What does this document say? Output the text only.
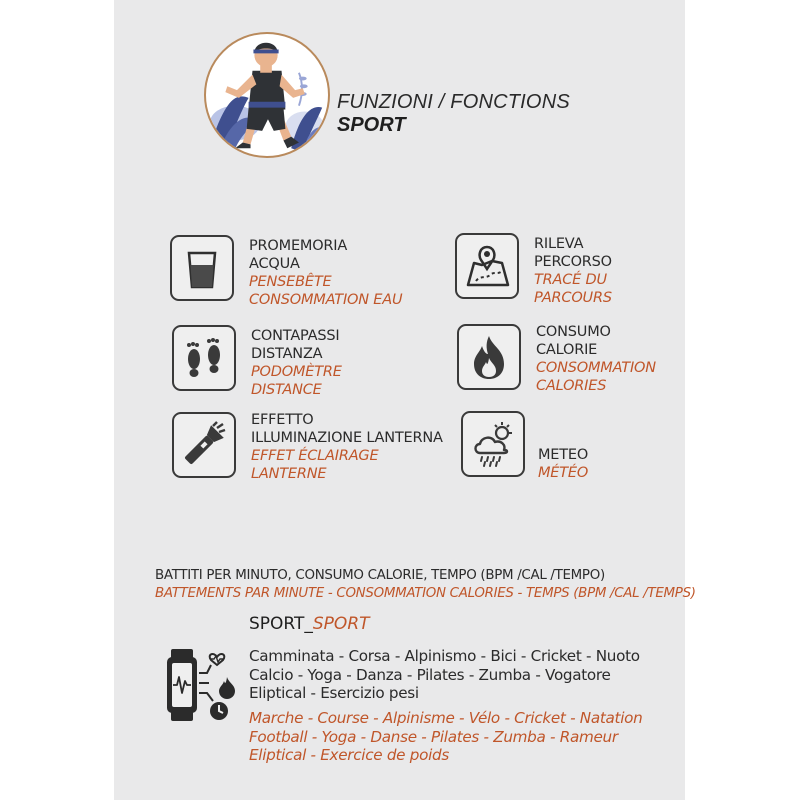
FUNZIONI / FONCTIONS
SPORT
PROMEMORIA
ACQUA
PENSEBÊTE
CONSOMMATION EAU
RILEVA
PERCORSO
TRACÉ DU
PARCOURS
CONTAPASSI
DISTANZA
PODOMÈTRE
DISTANCE
CONSUMO
CALORIE
CONSOMMATION
CALORIES
EFFETTO
ILLUMINAZIONE LANTERNA
EFFET ÉCLAIRAGE
LANTERNE
METEO
MÉTÉO
BATTITI PER MINUTO, CONSUMO CALORIE, TEMPO (BPM /CAL /TEMPO)
BATTEMENTS PAR MINUTE - CONSOMMATION CALORIES - TEMPS (BPM /CAL /TEMPS)
SPORT_SPORT
Camminata - Corsa - Alpinismo - Bici - Cricket - Nuoto
Calcio - Yoga - Danza - Pilates - Zumba - Vogatore
Eliptical - Esercizio pesi
Marche - Course - Alpinisme - Vélo - Cricket - Natation
Football - Yoga - Danse - Pilates - Zumba - Rameur
Eliptical - Exercice de poids
